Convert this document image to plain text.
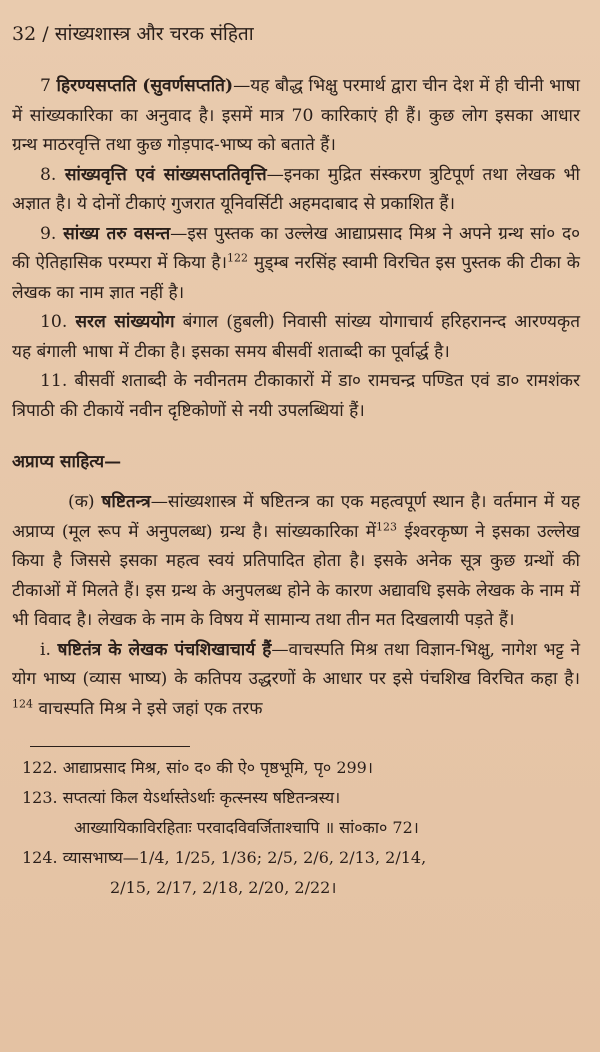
32 / सांख्यशास्त्र और चरक संहिता

7 हिरण्यसप्तति (सुवर्णसप्तति)—यह बौद्ध भिक्षु परमार्थ द्वारा चीन देश में ही चीनी भाषा में सांख्यकारिका का अनुवाद है। इसमें मात्र 70 कारिकाएं ही हैं। कुछ लोग इसका आधार ग्रन्थ माठरवृत्ति तथा कुछ गोड़पाद-भाष्य को बताते हैं।

8. सांख्यवृत्ति एवं सांख्यसप्ततिवृत्ति—इनका मुद्रित संस्करण त्रुटिपूर्ण तथा लेखक भी अज्ञात है। ये दोनों टीकाएं गुजरात यूनिवर्सिटी अहमदाबाद से प्रकाशित हैं।

9. सांख्य तरु वसन्त—इस पुस्तक का उल्लेख आद्याप्रसाद मिश्र ने अपने ग्रन्थ सां० द० की ऐतिहासिक परम्परा में किया है।$^{122}$ मुड्म्ब नरसिंह स्वामी विरचित इस पुस्तक की टीका के लेखक का नाम ज्ञात नहीं है।

10. सरल सांख्ययोग बंगाल (हुबली) निवासी सांख्य योगाचार्य हरिहरानन्द आरण्यकृत यह बंगाली भाषा में टीका है। इसका समय बीसवीं शताब्दी का पूर्वार्द्ध है।

11. बीसवीं शताब्दी के नवीनतम टीकाकारों में डा० रामचन्द्र पण्डित एवं डा० रामशंकर त्रिपाठी की टीकायें नवीन दृष्टिकोणों से नयी उपलब्धियां हैं।

अप्राप्य साहित्य—

(क) षष्टितन्त्र—सांख्यशास्त्र में षष्टितन्त्र का एक महत्वपूर्ण स्थान है। वर्तमान में यह अप्राप्य (मूल रूप में अनुपलब्ध) ग्रन्थ है। सांख्यकारिका में$^{123}$ ईश्वरकृष्ण ने इसका उल्लेख किया है जिससे इसका महत्व स्वयं प्रतिपादित होता है। इसके अनेक सूत्र कुछ ग्रन्थों की टीकाओं में मिलते हैं। इस ग्रन्थ के अनुपलब्ध होने के कारण अद्यावधि इसके लेखक के नाम में भी विवाद है। लेखक के नाम के विषय में सामान्य तथा तीन मत दिखलायी पड़ते हैं।

i. षष्टितंत्र के लेखक पंचशिखाचार्य हैं—वाचस्पति मिश्र तथा विज्ञान-भिक्षु, नागेश भट्ट ने योग भाष्य (व्यास भाष्य) के कतिपय उद्धरणों के आधार पर इसे पंचशिख विरचित कहा है।$^{124}$ वाचस्पति मिश्र ने इसे जहां एक तरफ

122. आद्याप्रसाद मिश्र, सां० द० की ऐ० पृष्ठभूमि, पृ० 299।
123. सप्तत्यां किल येऽर्थास्तेऽर्थाः कृत्स्नस्य षष्टितन्त्रस्य।
आख्यायिकाविरहिताः परवादविवर्जिताश्चापि ॥ सां०का० 72।
124. व्यासभाष्य—1/4, 1/25, 1/36; 2/5, 2/6, 2/13, 2/14,
2/15, 2/17, 2/18, 2/20, 2/22।
